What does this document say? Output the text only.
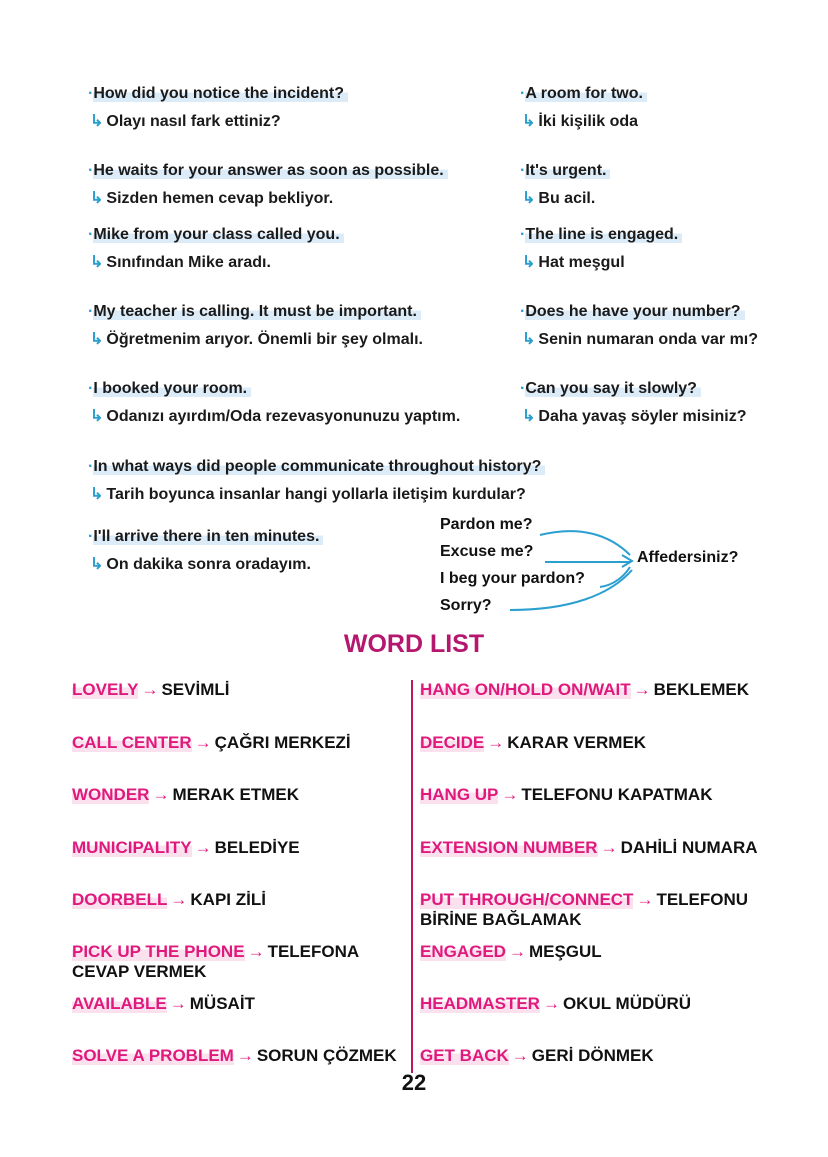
·How did you notice the incident?
↳ Olayı nasıl fark ettiniz?
·A room for two.
↳ İki kişilik oda
·He waits for your answer as soon as possible.
↳ Sizden hemen cevap bekliyor.
·It's urgent.
↳ Bu acil.
·Mike from your class called you.
↳ Sınıfından Mike aradı.
·The line is engaged.
↳ Hat meşgul
·My teacher is calling. It must be important.
↳ Öğretmenim arıyor. Önemli bir şey olmalı.
·Does he have your number?
↳ Senin numaran onda var mı?
·I booked your room.
↳ Odanızı ayırdım/Oda rezevasyonunuzu yaptım.
·Can you say it slowly?
↳ Daha yavaş söyler misiniz?
·In what ways did people communicate throughout history?
↳ Tarih boyunca insanlar hangi yollarla iletişim kurdular?
·I'll arrive there in ten minutes.
↳ On dakika sonra oradayım.
Pardon me?
Excuse me?
I beg your pardon?
Sorry?
Affedersiniz?
WORD LIST
LOVELY → SEVİMLİ
CALL CENTER → ÇAĞRI MERKEZİ
WONDER → MERAK ETMEK
MUNICIPALITY → BELEDİYE
DOORBELL → KAPI ZİLİ
PICK UP THE PHONE → TELEFONA CEVAP VERMEK
AVAILABLE → MÜSAİT
SOLVE A PROBLEM → SORUN ÇÖZMEK
HANG ON/HOLD ON/WAIT → BEKLEMEK
DECIDE → KARAR VERMEK
HANG UP → TELEFONU KAPATMAK
EXTENSION NUMBER → DAHİLİ NUMARA
PUT THROUGH/CONNECT → TELEFONU BİRİNE BAĞLAMAK
ENGAGED → MEŞGUL
HEADMASTER → OKUL MÜDÜRÜ
GET BACK → GERİ DÖNMEK
22
